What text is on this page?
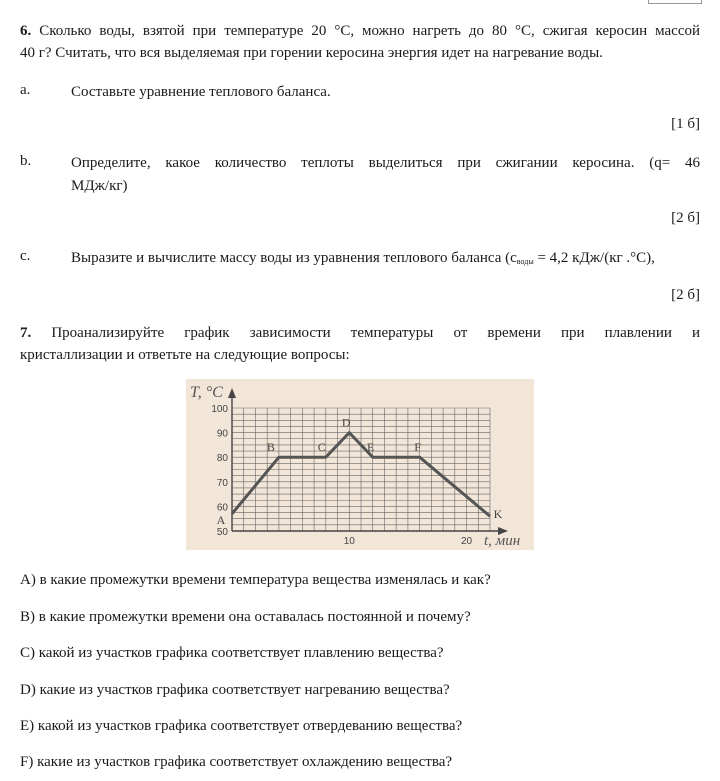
6. Сколько воды, взятой при температуре 20 °С, можно нагреть до 80 °С, сжигая керосин массой
40 г? Считать, что вся выделяемая при горении керосина энергия идет на нагревание воды.
a.	Составьте уравнение теплового баланса.
[1 б]
b.	Определите, какое количество теплоты выделиться при сжигании керосина. (q= 46
МДж/кг)
[2 б]
c.	Выразите и вычислите массу воды из уравнения теплового баланса ($с_{воды} = 4,2$ кДж/(кг .°С),
[2 б]
7. Проанализируйте график зависимости температуры от времени при плавлении и
кристаллизации и ответьте на следующие вопросы:
100
90
80
70
60
50
10	20
A
B	C
D
E	F
K
T, °C
t, мин
A) в какие промежутки времени температура вещества изменялась и как?
B) в какие промежутки времени она оставалась постоянной и почему?
C) какой из участков графика соответствует плавлению вещества?
D) какие из участков графика соответствует нагреванию вещества?
E) какой из участков графика соответствует отвердеванию вещества?
F) какие из участков графика соответствует охлаждению вещества?
